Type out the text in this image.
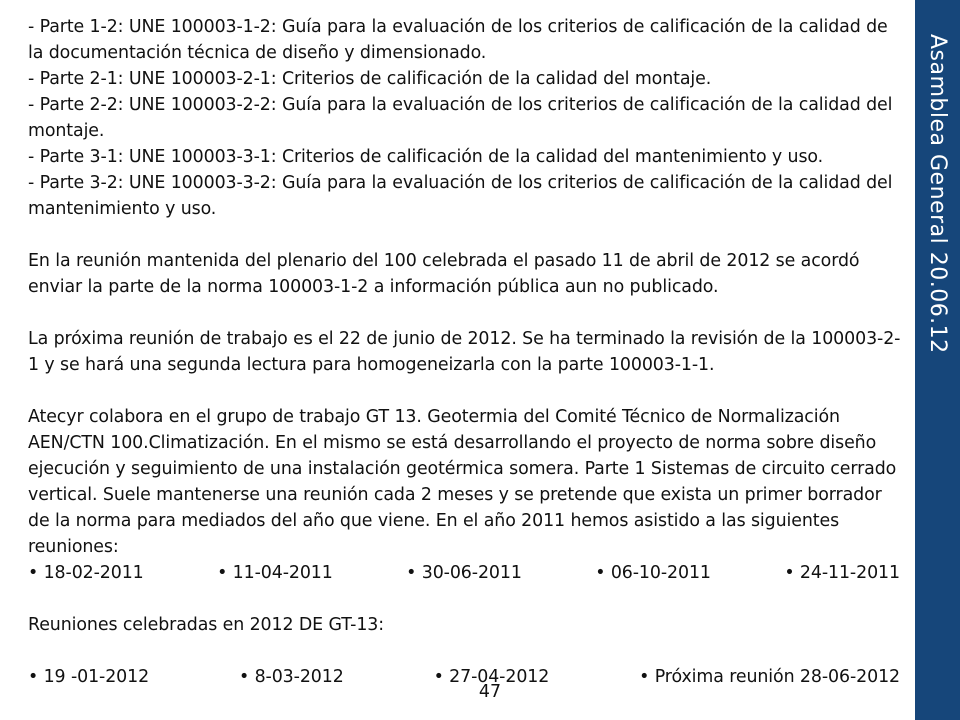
- Parte 1-2: UNE 100003-1-2: Guía para la evaluación de los criterios de calificación de la calidad de la documentación técnica de diseño y dimensionado.

- Parte 2-1: UNE 100003-2-1: Criterios de calificación de la calidad del montaje.

- Parte 2-2: UNE 100003-2-2: Guía para la evaluación de los criterios de calificación de la calidad del montaje.

- Parte 3-1: UNE 100003-3-1: Criterios de calificación de la calidad del mantenimiento y uso.

- Parte 3-2: UNE 100003-3-2: Guía para la evaluación de los criterios de calificación de la calidad del mantenimiento y uso.

En la reunión mantenida del plenario del 100 celebrada el pasado 11 de abril de 2012 se acordó enviar la parte de la norma 100003-1-2 a información pública aun no publicado.

La próxima reunión de trabajo es el 22 de junio de 2012. Se ha terminado la revisión de la 100003-2-1 y se hará una segunda lectura para homogeneizarla con la parte 100003-1-1.

Atecyr colabora en el grupo de trabajo GT 13. Geotermia del Comité Técnico de Normalización AEN/CTN 100.Climatización. En el mismo se está desarrollando el proyecto de norma sobre diseño ejecución y seguimiento de una instalación geotérmica somera. Parte 1 Sistemas de circuito cerrado vertical. Suele mantenerse una reunión cada 2 meses y se pretende que exista un primer borrador de la norma para mediados del año que viene. En el año 2011 hemos asistido a las siguientes reuniones:

• 18-02-2011	• 11-04-2011	• 30-06-2011	• 06-10-2011	• 24-11-2011

Reuniones celebradas en 2012 DE GT-13:

• 19 -01-2012	• 8-03-2012	• 27-04-2012	• Próxima reunión 28-06-2012
47
Asamblea General 20.06.12
